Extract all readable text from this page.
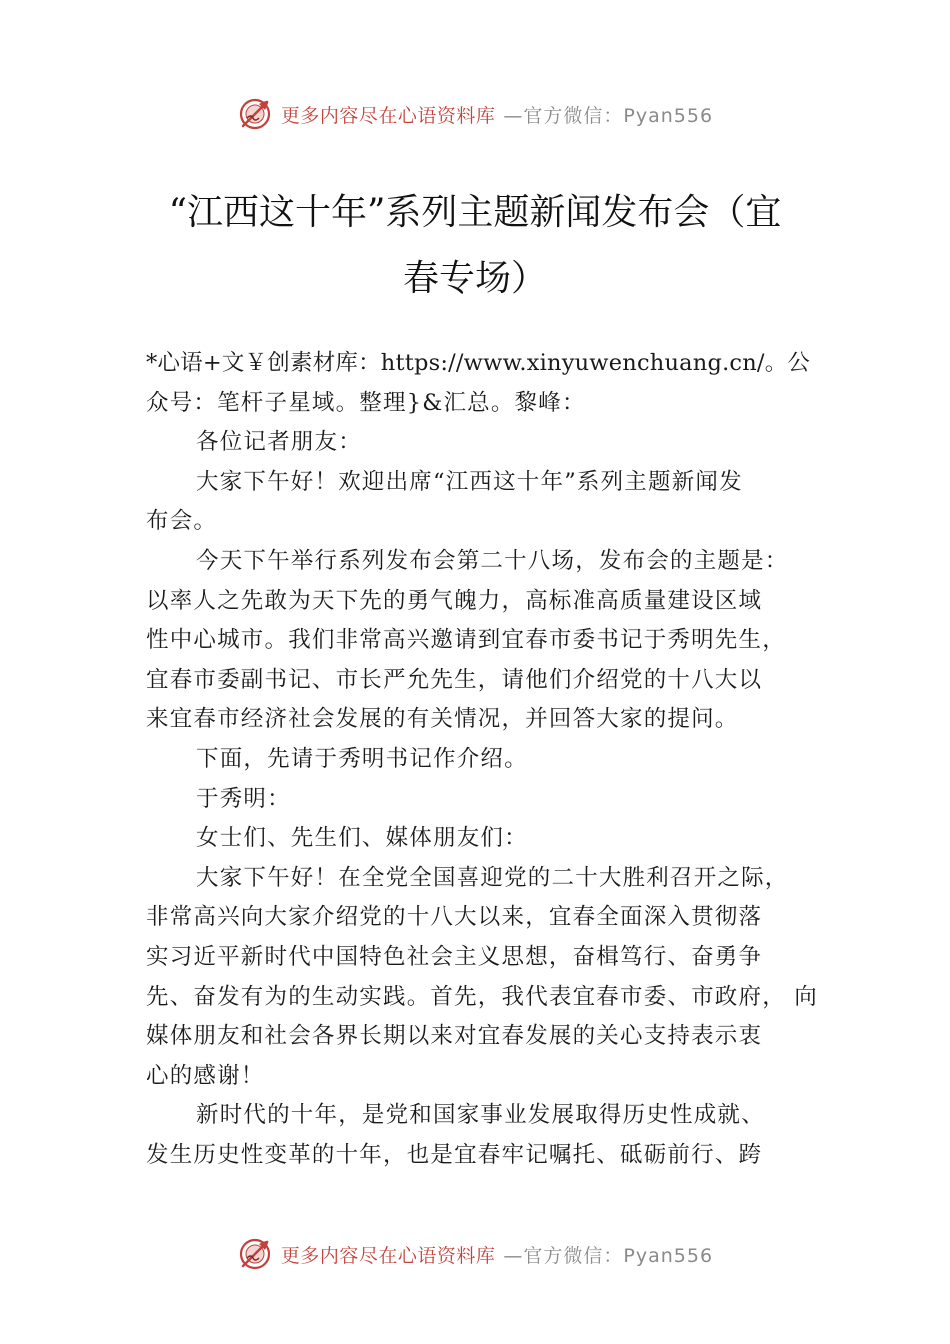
更多内容尽在心语资料库 —官方微信：Pyan556
“江西这十年”系列主题新闻发布会（宜
春专场）
*心语+文￥创素材库：https://www.xinyuwenchuang.cn/。公
众号：笔杆子星域。整理}&汇总。黎峰：
各位记者朋友：
大家下午好！欢迎出席“江西这十年”系列主题新闻发
布会。
今天下午举行系列发布会第二十八场，发布会的主题是：
以率人之先敢为天下先的勇气魄力，高标准高质量建设区域
性中心城市。我们非常高兴邀请到宜春市委书记于秀明先生，
宜春市委副书记、市长严允先生，请他们介绍党的十八大以
来宜春市经济社会发展的有关情况，并回答大家的提问。
下面，先请于秀明书记作介绍。
于秀明：
女士们、先生们、媒体朋友们：
大家下午好！在全党全国喜迎党的二十大胜利召开之际，
非常高兴向大家介绍党的十八大以来，宜春全面深入贯彻落
实习近平新时代中国特色社会主义思想，奋楫笃行、奋勇争
先、奋发有为的生动实践。首先，我代表宜春市委、市政府， 向
媒体朋友和社会各界长期以来对宜春发展的关心支持表示衷
心的感谢！
新时代的十年，是党和国家事业发展取得历史性成就、
发生历史性变革的十年，也是宜春牢记嘱托、砥砺前行、跨
更多内容尽在心语资料库 —官方微信：Pyan556
